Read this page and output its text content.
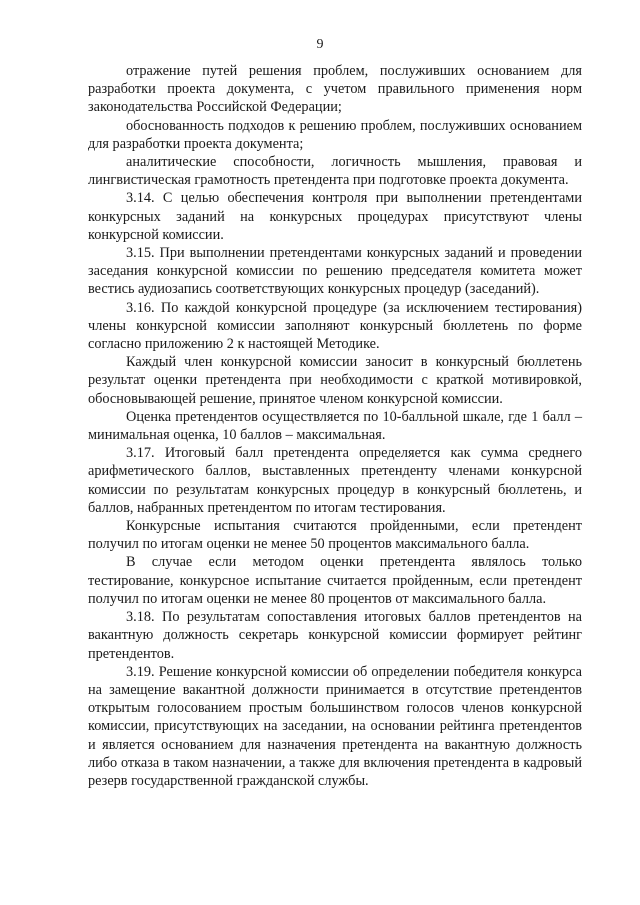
9

отражение путей решения проблем, послуживших основанием для разработки проекта документа, с учетом правильного применения норм законодательства Российской Федерации;

обоснованность подходов к решению проблем, послуживших основанием для разработки проекта документа;

аналитические способности, логичность мышления, правовая и лингвистическая грамотность претендента при подготовке проекта документа.

3.14. С целью обеспечения контроля при выполнении претендентами конкурсных заданий на конкурсных процедурах присутствуют члены конкурсной комиссии.

3.15. При выполнении претендентами конкурсных заданий и проведении заседания конкурсной комиссии по решению председателя комитета может вестись аудиозапись соответствующих конкурсных процедур (заседаний).

3.16. По каждой конкурсной процедуре (за исключением тестирования) члены конкурсной комиссии заполняют конкурсный бюллетень по форме согласно приложению 2 к настоящей Методике.

Каждый член конкурсной комиссии заносит в конкурсный бюллетень результат оценки претендента при необходимости с краткой мотивировкой, обосновывающей решение, принятое членом конкурсной комиссии.

Оценка претендентов осуществляется по 10-балльной шкале, где 1 балл – минимальная оценка, 10 баллов – максимальная.

3.17. Итоговый балл претендента определяется как сумма среднего арифметического баллов, выставленных претенденту членами конкурсной комиссии по результатам конкурсных процедур в конкурсный бюллетень, и баллов, набранных претендентом по итогам тестирования.

Конкурсные испытания считаются пройденными, если претендент получил по итогам оценки не менее 50 процентов максимального балла.

В случае если методом оценки претендента являлось только тестирование, конкурсное испытание считается пройденным, если претендент получил по итогам оценки не менее 80 процентов от максимального балла.

3.18. По результатам сопоставления итоговых баллов претендентов на вакантную должность секретарь конкурсной комиссии формирует рейтинг претендентов.

3.19. Решение конкурсной комиссии об определении победителя конкурса на замещение вакантной должности принимается в отсутствие претендентов открытым голосованием простым большинством голосов членов конкурсной комиссии, присутствующих на заседании, на основании рейтинга претендентов и является основанием для назначения претендента на вакантную должность либо отказа в таком назначении, а также для включения претендента в кадровый резерв государственной гражданской службы.
